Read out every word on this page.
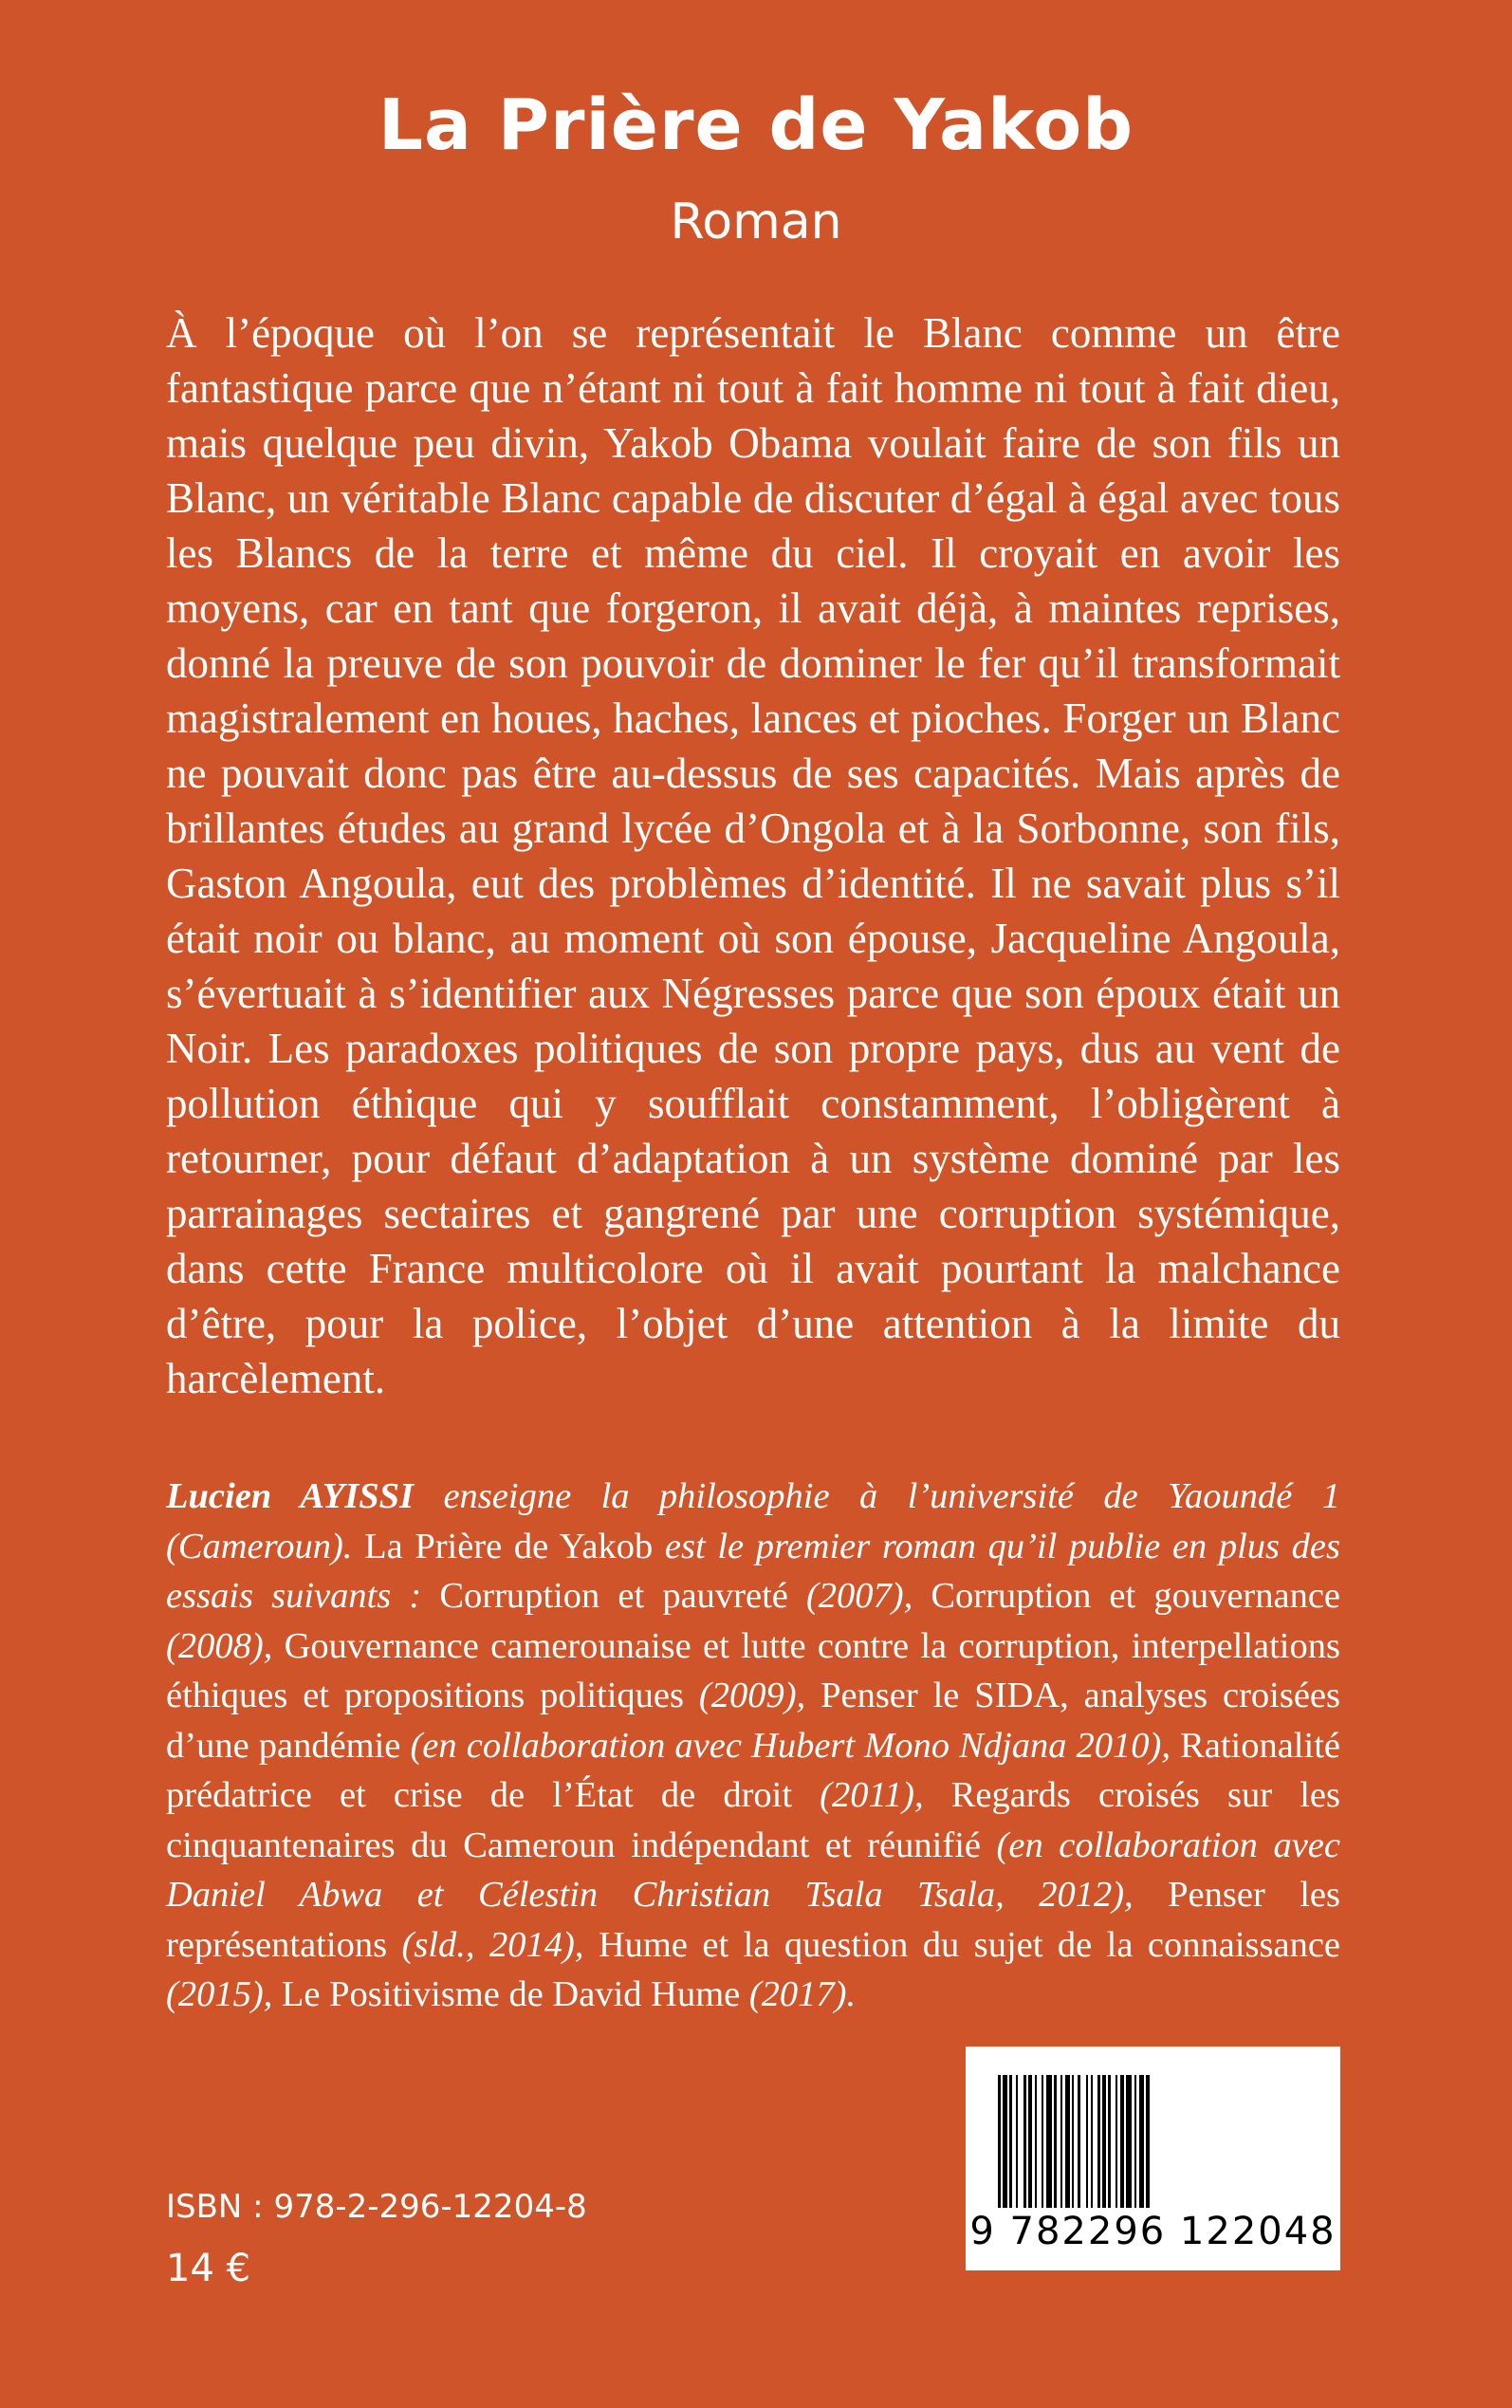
La Prière de Yakob
Roman

À l’époque où l’on se représentait le Blanc comme un être fantastique parce que n’étant ni tout à fait homme ni tout à fait dieu, mais quelque peu divin, Yakob Obama voulait faire de son fils un Blanc, un véritable Blanc capable de discuter d’égal à égal avec tous les Blancs de la terre et même du ciel. Il croyait en avoir les moyens, car en tant que forgeron, il avait déjà, à maintes reprises, donné la preuve de son pouvoir de dominer le fer qu’il transformait magistralement en houes, haches, lances et pioches. Forger un Blanc ne pouvait donc pas être au-dessus de ses capacités. Mais après de brillantes études au grand lycée d’Ongola et à la Sorbonne, son fils, Gaston Angoula, eut des problèmes d’identité. Il ne savait plus s’il était noir ou blanc, au moment où son épouse, Jacqueline Angoula, s’évertuait à s’identifier aux Négresses parce que son époux était un Noir. Les paradoxes politiques de son propre pays, dus au vent de pollution éthique qui y soufflait constamment, l’obligèrent à retourner, pour défaut d’adaptation à un système dominé par les parrainages sectaires et gangrené par une corruption systémique, dans cette France multicolore où il avait pourtant la malchance d’être, pour la police, l’objet d’une attention à la limite du harcèlement.

Lucien AYISSI enseigne la philosophie à l’université de Yaoundé 1 (Cameroun). La Prière de Yakob est le premier roman qu’il publie en plus des essais suivants : Corruption et pauvreté (2007), Corruption et gouvernance (2008), Gouvernance camerounaise et lutte contre la corruption, interpellations éthiques et propositions politiques (2009), Penser le SIDA, analyses croisées d’une pandémie (en collaboration avec Hubert Mono Ndjana 2010), Rationalité prédatrice et crise de l’État de droit (2011), Regards croisés sur les cinquantenaires du Cameroun indépendant et réunifié (en collaboration avec Daniel Abwa et Célestin Christian Tsala Tsala, 2012), Penser les représentations (sld., 2014), Hume et la question du sujet de la connaissance (2015), Le Positivisme de David Hume (2017).

9 782296 122048
ISBN : 978-2-296-12204-8
14 €
